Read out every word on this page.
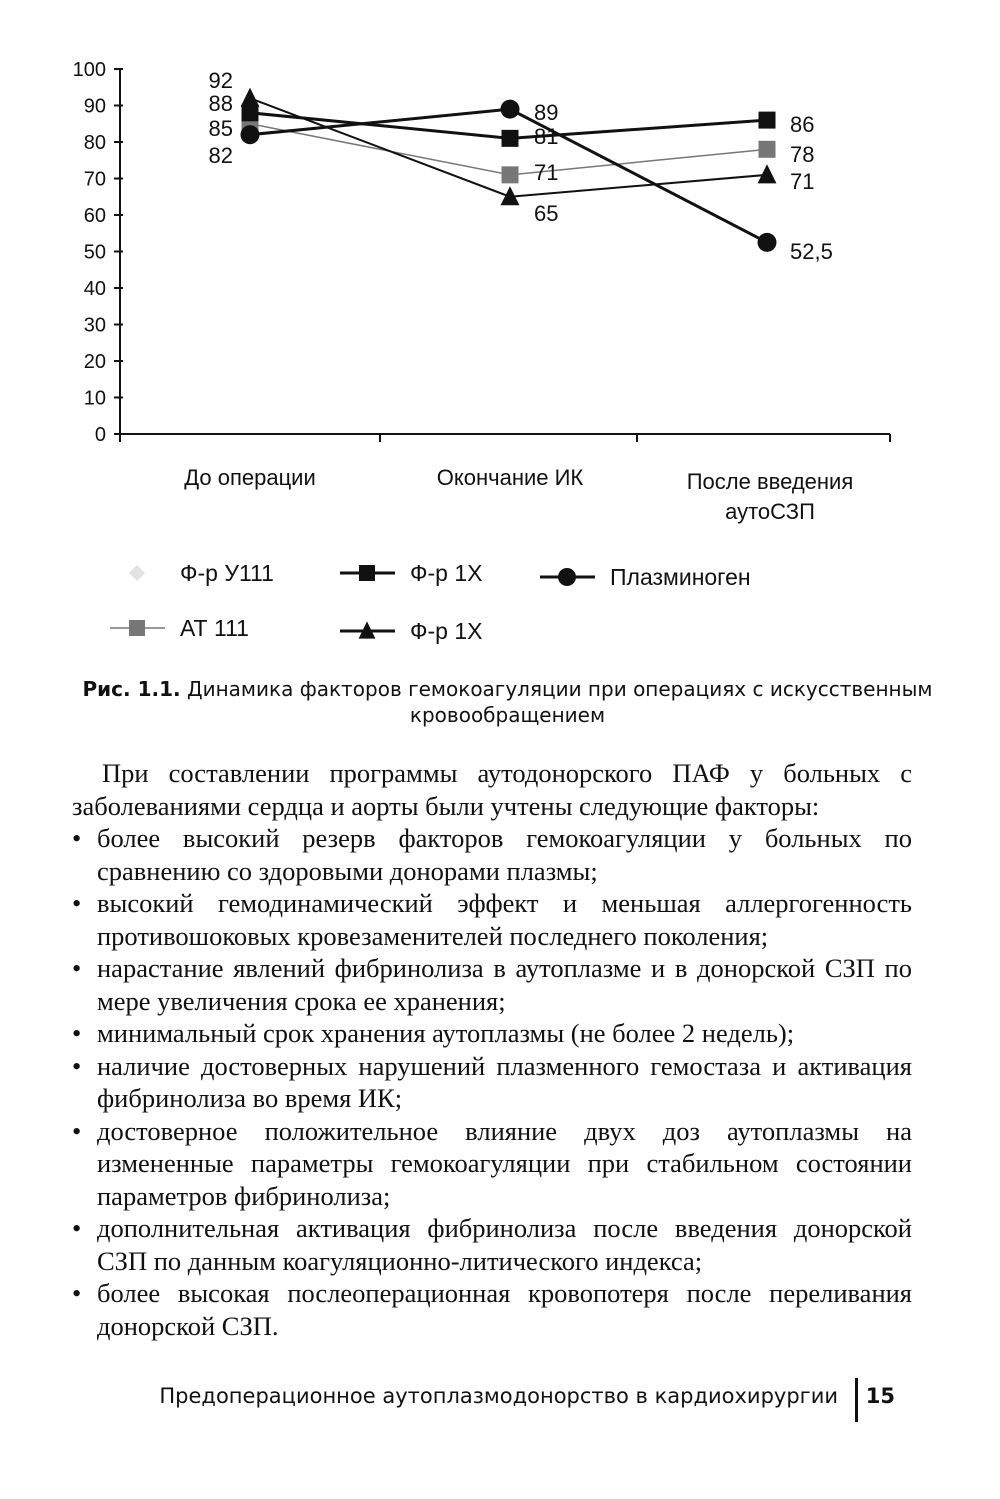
0
10
20
30
40
50
60
70
80
90
100
До операции	Окончание ИК	После введения аутоСЗП
85
88
81	86
82
89
52,5
71
78
92
65
71
Ф-р У111	Ф-р 1Х	Плазминоген
АТ 111	Ф-р 1Х
Рис. 1.1. Динамика факторов гемокоагуляции при операциях с искусственным кровообращением

При составлении программы аутодонорского ПАФ у больных с заболеваниями сердца и аорты были учтены следующие факторы:

• более высокий резерв факторов гемокоагуляции у больных по сравнению со здоровыми донорами плазмы;
• высокий гемодинамический эффект и меньшая аллергогенность противошоковых кровезаменителей последнего поколения;
• нарастание явлений фибринолиза в аутоплазме и в донорской СЗП по мере увеличения срока ее хранения;
• минимальный срок хранения аутоплазмы (не более 2 недель);
• наличие достоверных нарушений плазменного гемостаза и активация фибринолиза во время ИК;
• достоверное положительное влияние двух доз аутоплазмы на измененные параметры гемокоагуляции при стабильном состоянии параметров фибринолиза;
• дополнительная активация фибринолиза после введения донорской СЗП по данным коагуляционно-литического индекса;
• более высокая послеоперационная кровопотеря после переливания донорской СЗП.
Предоперационное аутоплазмодонорство в кардиохирургии 15
